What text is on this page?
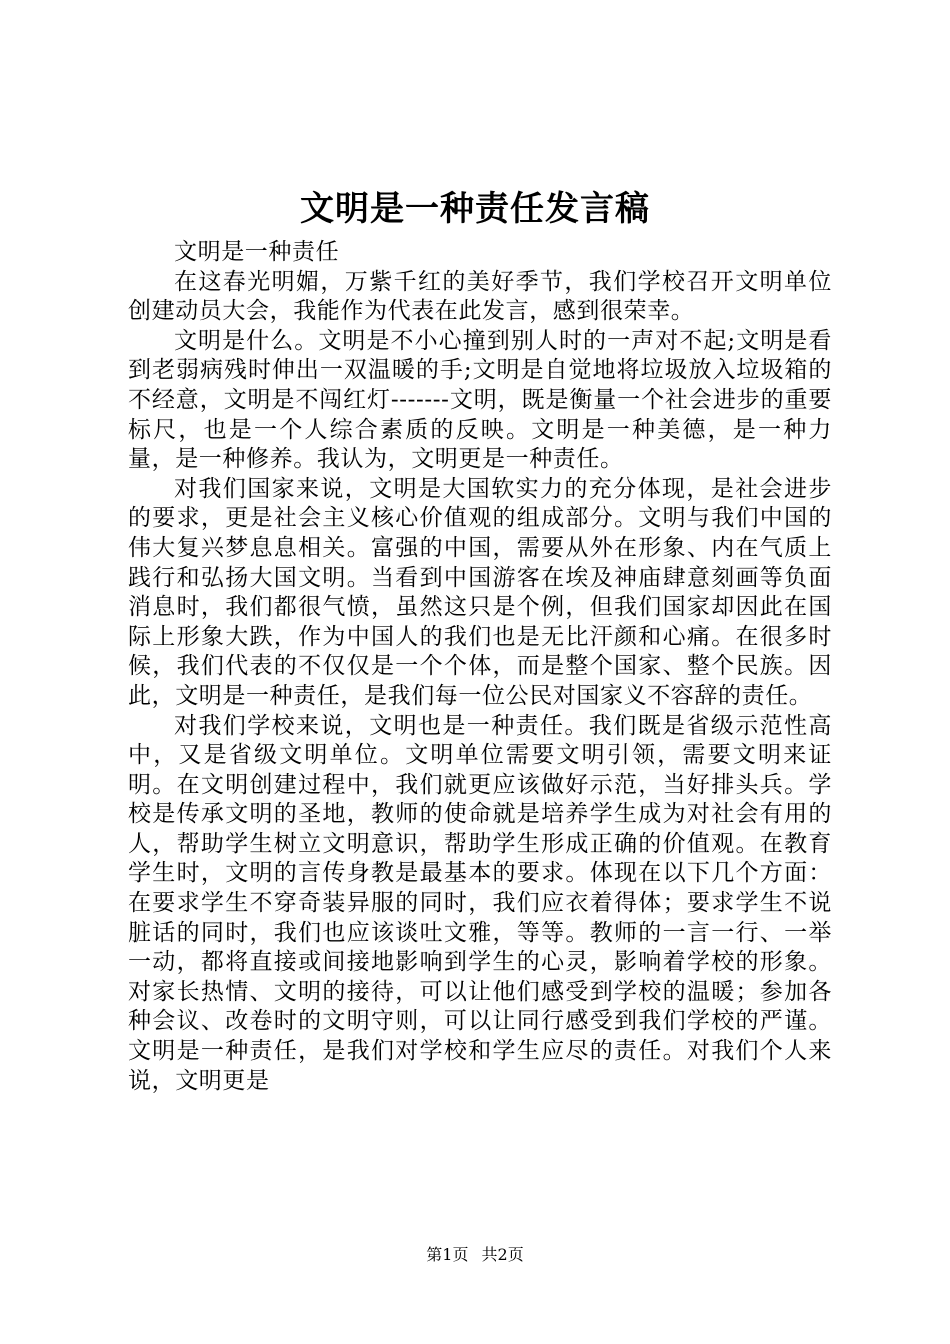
文明是一种责任发言稿

文明是一种责任

在这春光明媚，万紫千红的美好季节，我们学校召开文明单位创建动员大会，我能作为代表在此发言，感到很荣幸。

文明是什么。文明是不小心撞到别人时的一声对不起;文明是看到老弱病残时伸出一双温暖的手;文明是自觉地将垃圾放入垃圾箱的不经意，文明是不闯红灯-------文明，既是衡量一个社会进步的重要标尺，也是一个人综合素质的反映。文明是一种美德，是一种力量，是一种修养。我认为，文明更是一种责任。

对我们国家来说，文明是大国软实力的充分体现，是社会进步的要求，更是社会主义核心价值观的组成部分。文明与我们中国的伟大复兴梦息息相关。富强的中国，需要从外在形象、内在气质上践行和弘扬大国文明。当看到中国游客在埃及神庙肆意刻画等负面消息时，我们都很气愤，虽然这只是个例，但我们国家却因此在国际上形象大跌，作为中国人的我们也是无比汗颜和心痛。在很多时候，我们代表的不仅仅是一个个体，而是整个国家、整个民族。因此，文明是一种责任，是我们每一位公民对国家义不容辞的责任。

对我们学校来说，文明也是一种责任。我们既是省级示范性高中，又是省级文明单位。文明单位需要文明引领，需要文明来证明。在文明创建过程中，我们就更应该做好示范，当好排头兵。学校是传承文明的圣地，教师的使命就是培养学生成为对社会有用的人，帮助学生树立文明意识，帮助学生形成正确的价值观。在教育学生时，文明的言传身教是最基本的要求。体现在以下几个方面：在要求学生不穿奇装异服的同时，我们应衣着得体；要求学生不说脏话的同时，我们也应该谈吐文雅，等等。教师的一言一行、一举一动，都将直接或间接地影响到学生的心灵，影响着学校的形象。对家长热情、文明的接待，可以让他们感受到学校的温暖；参加各种会议、改卷时的文明守则，可以让同行感受到我们学校的严谨。文明是一种责任，是我们对学校和学生应尽的责任。对我们个人来说，文明更是

第1页 共2页
